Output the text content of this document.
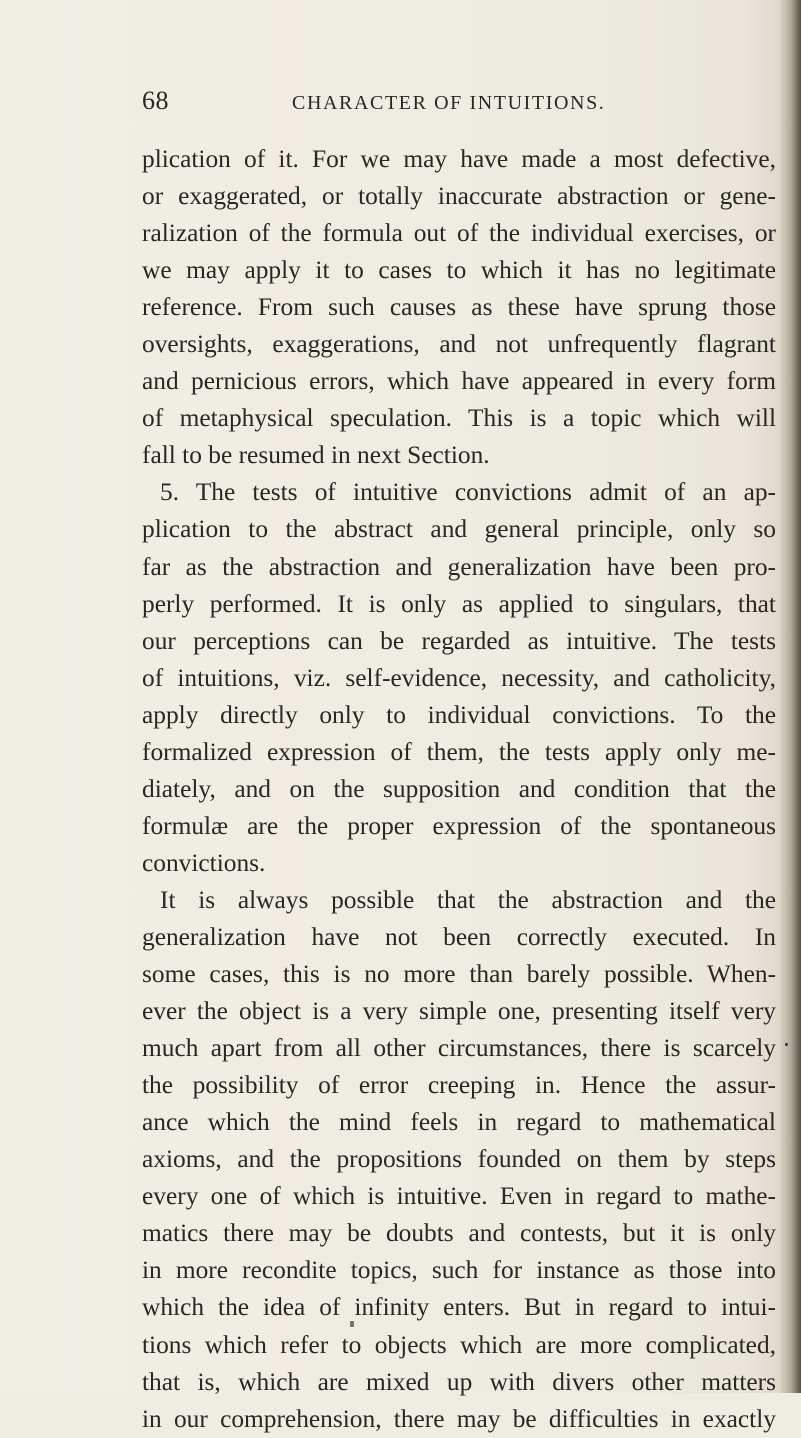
68	CHARACTER OF INTUITIONS.
plication of it. For we may have made a most defective,
or exaggerated, or totally inaccurate abstraction or gene-
ralization of the formula out of the individual exercises, or
we may apply it to cases to which it has no legitimate
reference. From such causes as these have sprung those
oversights, exaggerations, and not unfrequently flagrant
and pernicious errors, which have appeared in every form
of metaphysical speculation. This is a topic which will
fall to be resumed in next Section.
5. The tests of intuitive convictions admit of an ap-
plication to the abstract and general principle, only so
far as the abstraction and generalization have been pro-
perly performed. It is only as applied to singulars, that
our perceptions can be regarded as intuitive. The tests
of intuitions, viz. self-evidence, necessity, and catholicity,
apply directly only to individual convictions. To the
formalized expression of them, the tests apply only me-
diately, and on the supposition and condition that the
formulæ are the proper expression of the spontaneous
convictions.
It is always possible that the abstraction and the
generalization have not been correctly executed. In
some cases, this is no more than barely possible. When-
ever the object is a very simple one, presenting itself very
much apart from all other circumstances, there is scarcely
the possibility of error creeping in. Hence the assur-
ance which the mind feels in regard to mathematical
axioms, and the propositions founded on them by steps
every one of which is intuitive. Even in regard to mathe-
matics there may be doubts and contests, but it is only
in more recondite topics, such for instance as those into
which the idea of infinity enters. But in regard to intui-
tions which refer to objects which are more complicated,
that is, which are mixed up with divers other matters
in our comprehension, there may be difficulties in exactly
